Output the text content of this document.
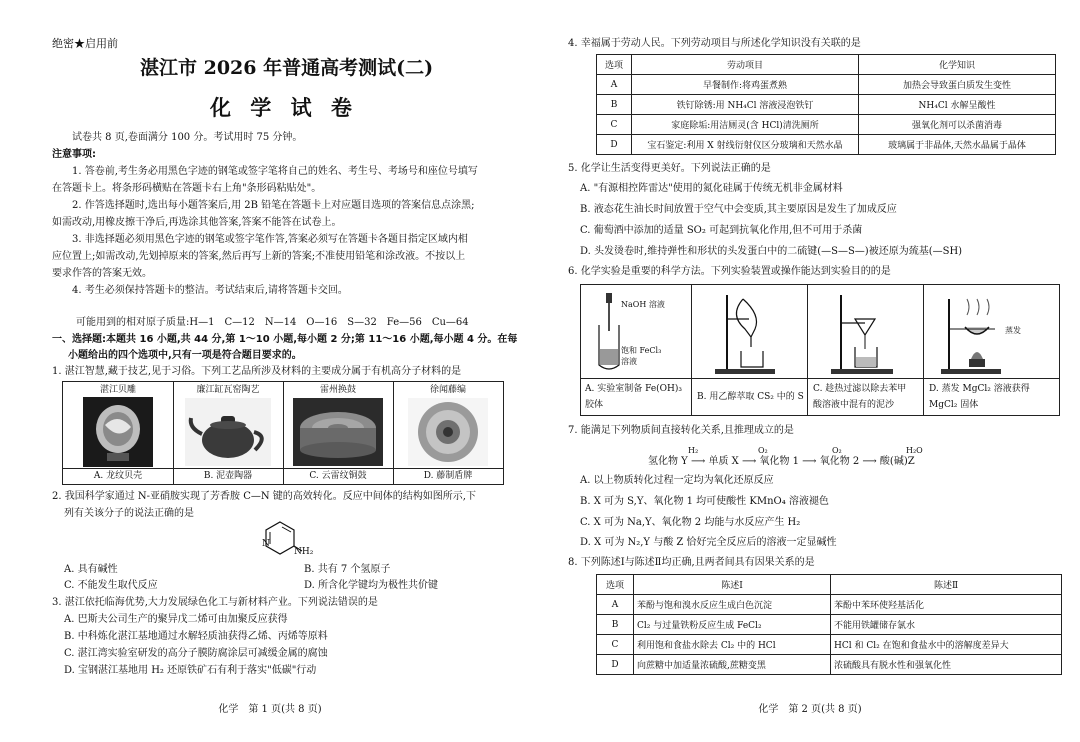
绝密★启用前
湛江市 2026 年普通高考测试(二)
化 学 试 卷
试卷共 8 页,卷面满分 100 分。考试用时 75 分钟。
注意事项:
1. 答卷前,考生务必用黑色字迹的钢笔或签字笔将自己的姓名、考生号、考场号和座位号填写
在答题卡上。将条形码横贴在答题卡右上角"条形码粘贴处"。
2. 作答选择题时,选出每小题答案后,用 2B 铅笔在答题卡上对应题目选项的答案信息点涂黑;
如需改动,用橡皮擦干净后,再选涂其他答案,答案不能答在试卷上。
3. 非选择题必须用黑色字迹的钢笔或签字笔作答,答案必须写在答题卡各题目指定区域内相
应位置上;如需改动,先划掉原来的答案,然后再写上新的答案;不准使用铅笔和涂改液。不按以上
要求作答的答案无效。
4. 考生必须保持答题卡的整洁。考试结束后,请将答题卡交回。
可能用到的相对原子质量:H—1　C—12　N—14　O—16　S—32　Fe—56　Cu—64
一、选择题:本题共 16 小题,共 44 分,第 1～10 小题,每小题 2 分;第 11～16 小题,每小题 4 分。在每
小题给出的四个选项中,只有一项是符合题目要求的。
1. 湛江智慧,藏于技艺,见于习俗。下列工艺品所涉及材料的主要成分属于有机高分子材料的是
湛江贝雕	廉江缸瓦窑陶艺	雷州换鼓	徐闻藤编
A. 龙纹贝壳	B. 泥壶陶器	C. 云雷纹铜鼓	D. 藤制盾牌
2. 我国科学家通过 N-亚硝胺实现了芳香胺 C—N 键的高效转化。反应中间体的结构如图所示,下
列有关该分子的说法正确的是
N
NH₂
A. 具有碱性	B. 共有 7 个氢原子
C. 不能发生取代反应	D. 所含化学键均为极性共价键
3. 湛江依托临海优势,大力发展绿色化工与新材料产业。下列说法错误的是
A. 巴斯夫公司生产的聚异戊二烯可由加聚反应获得
B. 中科炼化湛江基地通过水解轻质油获得乙烯、丙烯等原料
C. 湛江湾实验室研发的高分子膜防腐涂层可减缓金属的腐蚀
D. 宝钢湛江基地用 H₂ 还原铁矿石有利于落实"低碳"行动
化学　第 1 页(共 8 页)
4. 幸福属于劳动人民。下列劳动项目与所述化学知识没有关联的是
选项	劳动项目	化学知识
A	早餐制作:将鸡蛋煮熟	加热会导致蛋白质发生变性
B	铁钉除锈:用 NH₄Cl 溶液浸泡铁钉	NH₄Cl 水解呈酸性
C	家庭除垢:用洁厕灵(含 HCl)清洗厕所	强氧化剂可以杀菌消毒
D	宝石鉴定:利用 X 射线衍射仪区分玻璃和天然水晶	玻璃属于非晶体,天然水晶属于晶体
5. 化学让生活变得更美好。下列说法正确的是
A. "有源相控阵雷达"使用的氮化硅属于传统无机非金属材料
B. 液态花生油长时间放置于空气中会变质,其主要原因是发生了加成反应
C. 葡萄酒中添加的适量 SO₂ 可起到抗氧化作用,但不可用于杀菌
D. 头发烫卷时,维持弹性和形状的头发蛋白中的二硫键(—S—S—)被还原为巯基(—SH)
6. 化学实验是重要的科学方法。下列实验装置或操作能达到实验目的的是
NaOH 溶液
饱和 FeCl₃
溶液
蒸发
A. 实验室制备 Fe(OH)₃
胶体
B. 用乙醇萃取 CS₂ 中的 S
C. 趁热过滤以除去苯甲
酸溶液中混有的泥沙
D. 蒸发 MgCl₂ 溶液获得
MgCl₂ 固体
7. 能满足下列物质间直接转化关系,且推理成立的是
H₂	O₂	O₂	H₂O
氢化物 Y ⟶ 单质 X ⟶ 氧化物 1 ⟶ 氧化物 2 ⟶ 酸(碱)Z
A. 以上物质转化过程一定均为氧化还原反应
B. X 可为 S,Y、氧化物 1 均可使酸性 KMnO₄ 溶液褪色
C. X 可为 Na,Y、氧化物 2 均能与水反应产生 H₂
D. X 可为 N₂,Y 与酸 Z 恰好完全反应后的溶液一定显碱性
8. 下列陈述Ⅰ与陈述Ⅱ均正确,且两者间具有因果关系的是
选项	陈述Ⅰ	陈述Ⅱ
A	苯酚与饱和溴水反应生成白色沉淀	苯酚中苯环使羟基活化
B	Cl₂ 与过量铁粉反应生成 FeCl₂	不能用铁罐储存氯水
C	利用饱和食盐水除去 Cl₂ 中的 HCl	HCl 和 Cl₂ 在饱和食盐水中的溶解度差异大
D	向蔗糖中加适量浓硫酸,蔗糖变黑	浓硫酸具有脱水性和强氧化性
化学　第 2 页(共 8 页)
